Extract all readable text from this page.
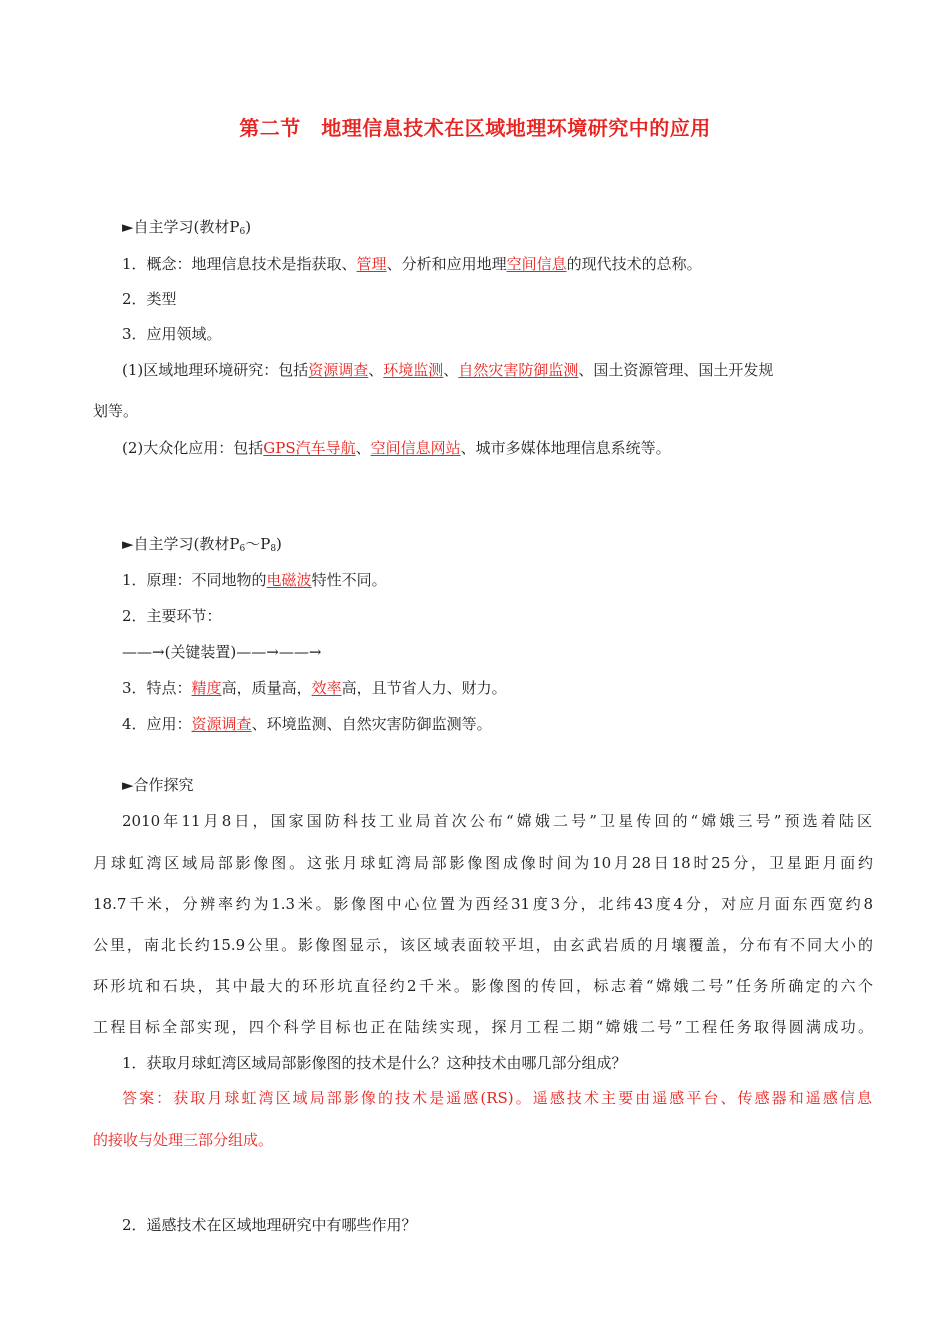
第二节　地理信息技术在区域地理环境研究中的应用
►自主学习(教材$P_6$)
1．概念：地理信息技术是指获取、管理、分析和应用地理空间信息的现代技术的总称。
2．类型
3．应用领域。
(1)区域地理环境研究：包括资源调查、环境监测、自然灾害防御监测、国土资源管理、国土开发规
划等。
(2)大众化应用：包括GPS汽车导航、空间信息网站、城市多媒体地理信息系统等。
►自主学习(教材$P_6\sim P_8$)
1．原理：不同地物的电磁波特性不同。
2．主要环节：
——→(关键装置)——→——→
3．特点：精度高，质量高，效率高，且节省人力、财力。
4．应用：资源调查、环境监测、自然灾害防御监测等。
►合作探究
2010年11月8日，国家国防科技工业局首次公布“嫦娥二号”卫星传回的“嫦娥三号”预选着陆区
月球虹湾区域局部影像图。这张月球虹湾局部影像图成像时间为10月28日18时25分，卫星距月面约
18.7千米，分辨率约为1.3米。影像图中心位置为西经31度3分，北纬43度4分，对应月面东西宽约8
公里，南北长约15.9公里。影像图显示，该区域表面较平坦，由玄武岩质的月壤覆盖，分布有不同大小的
环形坑和石块，其中最大的环形坑直径约2千米。影像图的传回，标志着“嫦娥二号”任务所确定的六个
工程目标全部实现，四个科学目标也正在陆续实现，探月工程二期“嫦娥二号”工程任务取得圆满成功。
1．获取月球虹湾区域局部影像图的技术是什么？这种技术由哪几部分组成？
答案：获取月球虹湾区域局部影像的技术是遥感(RS)。遥感技术主要由遥感平台、传感器和遥感信息
的接收与处理三部分组成。
2．遥感技术在区域地理研究中有哪些作用？
